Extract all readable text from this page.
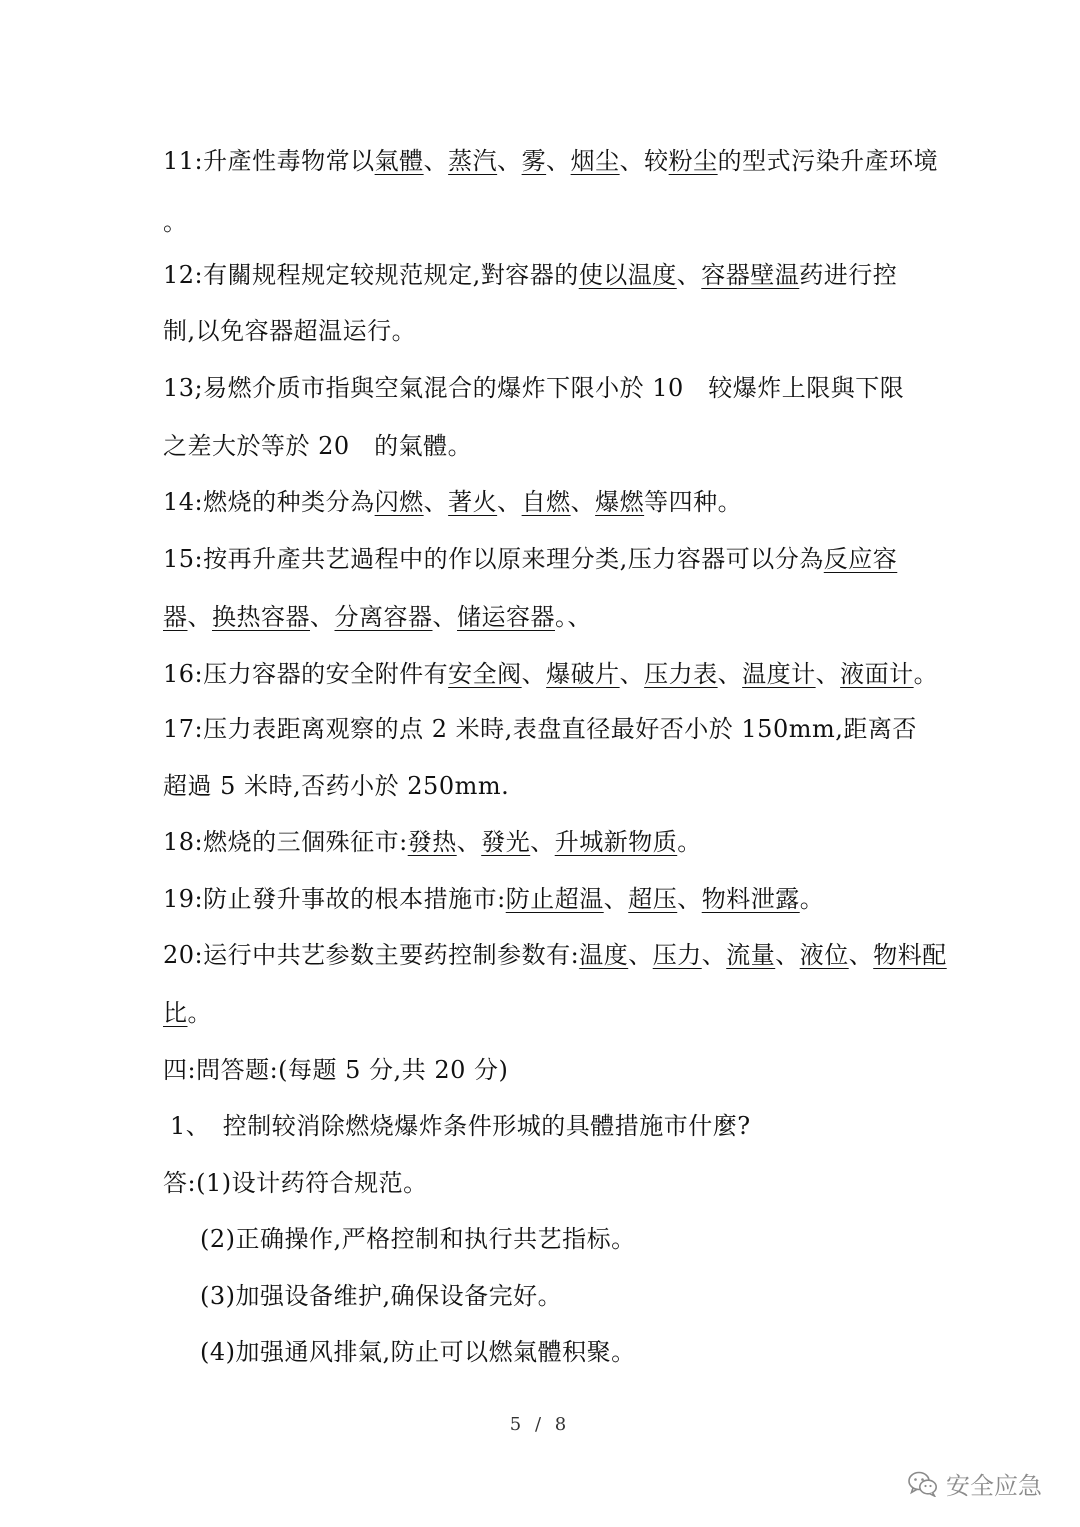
11:升產性毒物常以氣體、蒸汽、雾、烟尘、较粉尘的型式污染升產环境
。
12:有關规程规定较规范规定,對容器的使以温度、容器壁温药进行控
制,以免容器超温运行。
13;易燃介质市指與空氣混合的爆炸下限小於 10　较爆炸上限與下限
之差大於等於 20　的氣體。
14:燃烧的种类分為闪燃、著火、自燃、爆燃等四种。
15:按再升產共艺過程中的作以原来理分类,压力容器可以分為反应容
器、换热容器、分离容器、储运容器。、
16:压力容器的安全附件有安全阀、爆破片、压力表、温度计、液面计。
17:压力表距离观察的点 2 米時,表盘直径最好否小於 150mm,距离否
超過 5 米時,否药小於 250mm.
18:燃烧的三個殊征市:發热、發光、升城新物质。
19:防止發升事故的根本措施市:防止超温、超压、物料泄露。
20:运行中共艺参数主要药控制参数有:温度、压力、流量、液位、物料配
比。
四:問答题:(每题 5 分,共 20 分)
1、　控制较消除燃烧爆炸条件形城的具體措施市什麼?
答:(1)设计药符合规范。
(2)正确操作,严格控制和执行共艺指标。
(3)加强设备维护,确保设备完好。
(4)加强通风排氣,防止可以燃氣體积聚。
5 / 8
安全应急
